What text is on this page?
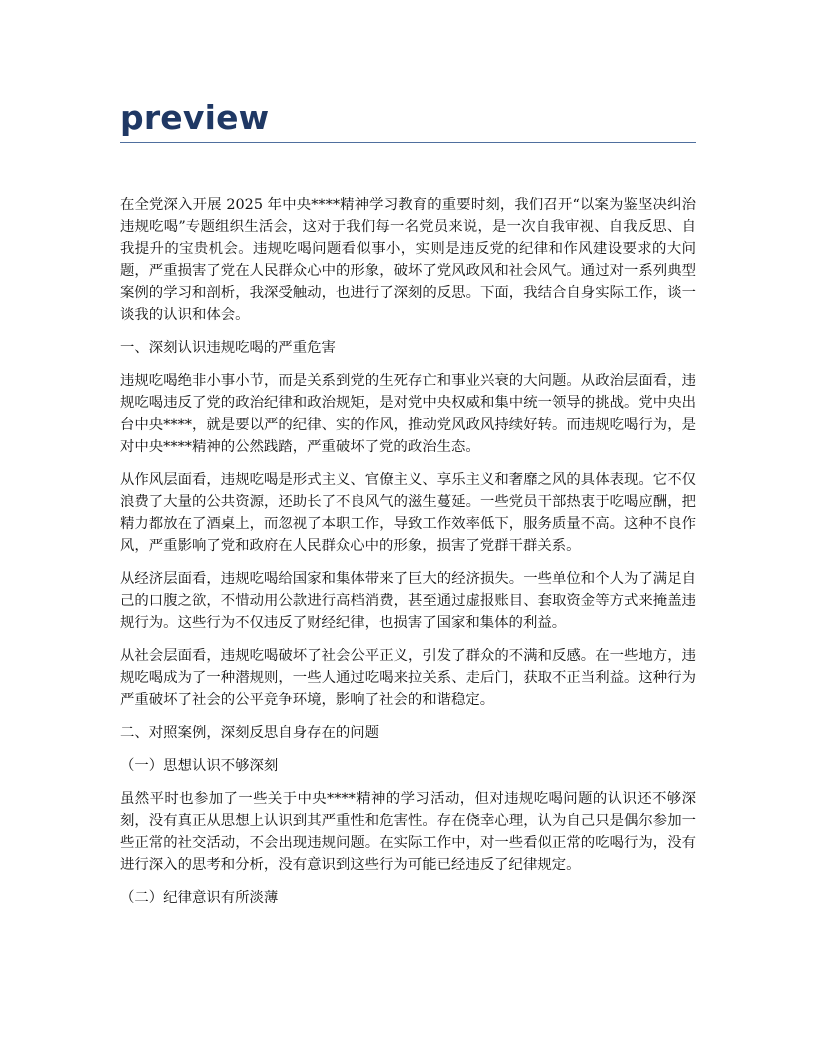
preview

在全党深入开展 2025 年中央****精神学习教育的重要时刻，我们召开“以案为鉴坚决纠治违规吃喝”专题组织生活会，这对于我们每一名党员来说，是一次自我审视、自我反思、自我提升的宝贵机会。违规吃喝问题看似事小，实则是违反党的纪律和作风建设要求的大问题，严重损害了党在人民群众心中的形象，破坏了党风政风和社会风气。通过对一系列典型案例的学习和剖析，我深受触动，也进行了深刻的反思。下面，我结合自身实际工作，谈一谈我的认识和体会。

一、深刻认识违规吃喝的严重危害

违规吃喝绝非小事小节，而是关系到党的生死存亡和事业兴衰的大问题。从政治层面看，违规吃喝违反了党的政治纪律和政治规矩，是对党中央权威和集中统一领导的挑战。党中央出台中央****，就是要以严的纪律、实的作风，推动党风政风持续好转。而违规吃喝行为，是对中央****精神的公然践踏，严重破坏了党的政治生态。

从作风层面看，违规吃喝是形式主义、官僚主义、享乐主义和奢靡之风的具体表现。它不仅浪费了大量的公共资源，还助长了不良风气的滋生蔓延。一些党员干部热衷于吃喝应酬，把精力都放在了酒桌上，而忽视了本职工作，导致工作效率低下，服务质量不高。这种不良作风，严重影响了党和政府在人民群众心中的形象，损害了党群干群关系。

从经济层面看，违规吃喝给国家和集体带来了巨大的经济损失。一些单位和个人为了满足自己的口腹之欲，不惜动用公款进行高档消费，甚至通过虚报账目、套取资金等方式来掩盖违规行为。这些行为不仅违反了财经纪律，也损害了国家和集体的利益。

从社会层面看，违规吃喝破坏了社会公平正义，引发了群众的不满和反感。在一些地方，违规吃喝成为了一种潜规则，一些人通过吃喝来拉关系、走后门，获取不正当利益。这种行为严重破坏了社会的公平竞争环境，影响了社会的和谐稳定。

二、对照案例，深刻反思自身存在的问题

（一）思想认识不够深刻

虽然平时也参加了一些关于中央****精神的学习活动，但对违规吃喝问题的认识还不够深刻，没有真正从思想上认识到其严重性和危害性。存在侥幸心理，认为自己只是偶尔参加一些正常的社交活动，不会出现违规问题。在实际工作中，对一些看似正常的吃喝行为，没有进行深入的思考和分析，没有意识到这些行为可能已经违反了纪律规定。

（二）纪律意识有所淡薄
